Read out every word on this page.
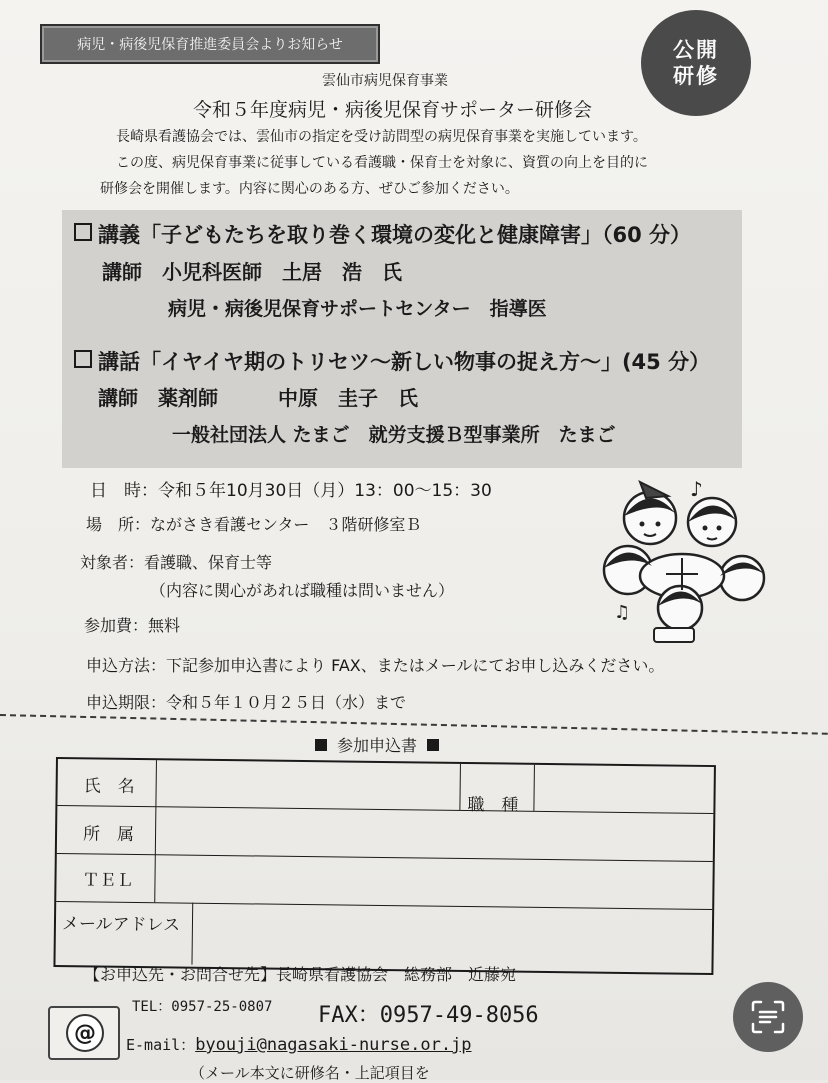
病児・病後児保育推進委員会よりお知らせ	公開
研修
雲仙市病児保育事業
令和５年度病児・病後児保育サポーター研修会
長崎県看護協会では、雲仙市の指定を受け訪問型の病児保育事業を実施しています。
この度、病児保育事業に従事している看護職・保育士を対象に、資質の向上を目的に
研修会を開催します。内容に関心のある方、ぜひご参加ください。
講義「子どもたちを取り巻く環境の変化と健康障害」（60 分）
講師　小児科医師　土居　浩　氏
病児・病後児保育サポートセンター　指導医
講話「イヤイヤ期のトリセツ～新しい物事の捉え方～」(45 分）
講師　薬剤師　　　中原　圭子　氏
一般社団法人 たまご　就労支援Ｂ型事業所　たまご
日　時：令和５年10月30日（月）13：00～15：30
場　所：ながさき看護センター　３階研修室Ｂ
対象者：看護職、保育士等
（内容に関心があれば職種は問いません）
参加費：無料
申込方法：下記参加申込書により FAX、またはメールにてお申し込みください。
申込期限：令和５年１０月２５日（水）まで
♪
♫
参加申込書
氏　名
職　種
所　属
ＴＥＬ
メールアドレス
【お申込先・お問合せ先】長崎県看護協会　総務部　近藤宛
TEL：0957-25-0807 FAX：0957-49-8056
@	E-mail：byouji@nagasaki-nurse.or.jp
（メール本文に研修名・上記項目を
